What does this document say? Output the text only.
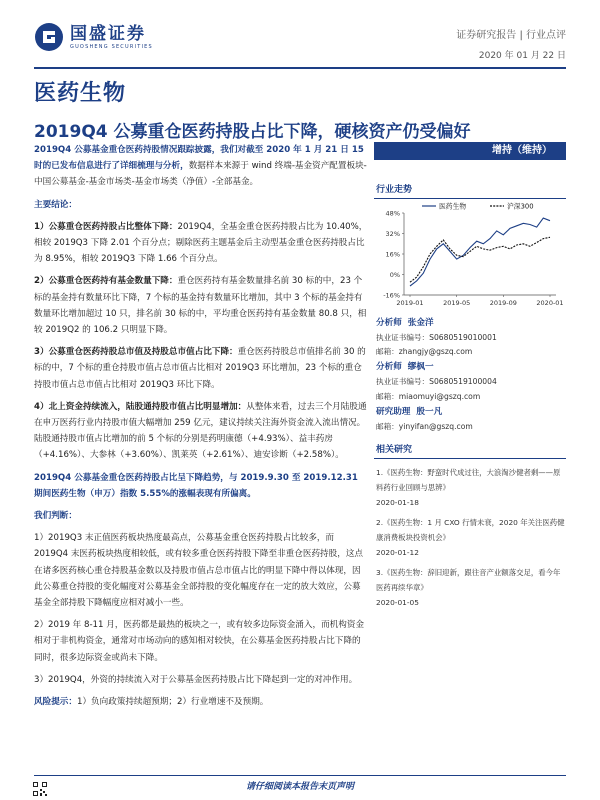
国盛证券
GUOSHENG SECURITIES
证券研究报告 | 行业点评
2020 年 01 月 22 日
医药生物
2019Q4 公募重仓医药持股占比下降，硬核资产仍受偏好
2019Q4 公募基金重仓医药持股情况跟踪披露，我们对截至 2020 年 1 月 21 日 15 时的已发布信息进行了详细梳理与分析，数据样本来源于 wind 终端-基金资产配置板块-中国公募基金-基金市场类-基金市场类（净值）-全部基金。
主要结论：
1）公募重仓医药持股占比整体下降：2019Q4，全基金重仓医药持股占比为 10.40%，相较 2019Q3 下降 2.01 个百分点；剔除医药主题基金后主动型基金重仓医药持股占比为 8.95%，相较 2019Q3 下降 1.66 个百分点。
2）公募重仓医药持有基金数量下降：重仓医药持有基金数量排名前 30 标的中，23 个标的基金持有数量环比下降，7 个标的基金持有数量环比增加，其中 3 个标的基金持有数量环比增加超过 10 只，排名前 30 标的中，平均重仓医药持有基金数量 80.8 只，相较 2019Q2 的 106.2 只明显下降。
3）公募重仓医药持股总市值及持股总市值占比下降：重仓医药持股总市值排名前 30 的标的中，7 个标的重仓持股市值占总市值占比相对 2019Q3 环比增加，23 个标的重仓持股市值占总市值占比相对 2019Q3 环比下降。
4）北上资金持续流入，陆股通持股市值占比明显增加：从整体来看，过去三个月陆股通在申万医药行业内持股市值大幅增加 259 亿元，建议持续关注海外资金流入流出情况。陆股通持股市值占比增加的前 5 个标的分别是药明康德（+4.93%）、益丰药房（+4.16%）、大参林（+3.60%）、凯莱英（+2.61%）、迪安诊断（+2.58%）。
2019Q4 公募基金重仓医药持股占比呈下降趋势，与 2019.9.30 至 2019.12.31 期间医药生物（申万）指数 5.55%的涨幅表现有所偏离。
我们判断：
1）2019Q3 末正值医药板块热度最高点，公募基金重仓医药持股占比较多，而 2019Q4 末医药板块热度相较低，或有较多重仓医药持股下降至非重仓医药持股，这点在诸多医药核心重仓持股基金数以及持股市值占总市值占比的明显下降中得以体现，因此公募重仓持股的变化幅度对公募基金全部持股的变化幅度存在一定的放大效应，公募基金全部持股下降幅度应相对减小一些。
2）2019 年 8-11 月，医药都是最热的板块之一，或有较多边际资金涌入，而机构资金相对于非机构资金，通常对市场动向的感知相对较快，在公募基金医药持股占比下降的同时，很多边际资金或尚未下降。
3）2019Q4，外资的持续流入对于公募基金医药持股占比下降起到一定的对冲作用。
风险提示：1）负向政策持续超预期；2）行业增速不及预期。
增持（维持）
行业走势
-16%
0%
16%
32%
48%
2019-01	2019-05	2019-09	2020-01
医药生物	沪深300
分析师 张金洋
执业证书编号：S0680519010001
邮箱：zhangjy@gszq.com
分析师 缪枫一
执业证书编号：S0680519100004
邮箱：miaomuyi@gszq.com
研究助理 殷一凡
邮箱：yinyifan@gszq.com
相关研究
1.《医药生物：野蛮时代成过往，大浪淘沙健者剩——原料药行业回顾与思辨》
2020-01-18
2.《医药生物：1 月 CXO 行情未衰，2020 年关注医药健康消费板块投资机会》
2020-01-12
3.《医药生物：辞旧迎新，跟往音产业额落交足，看今年医药再续华章》
2020-01-05
请仔细阅读本报告末页声明
